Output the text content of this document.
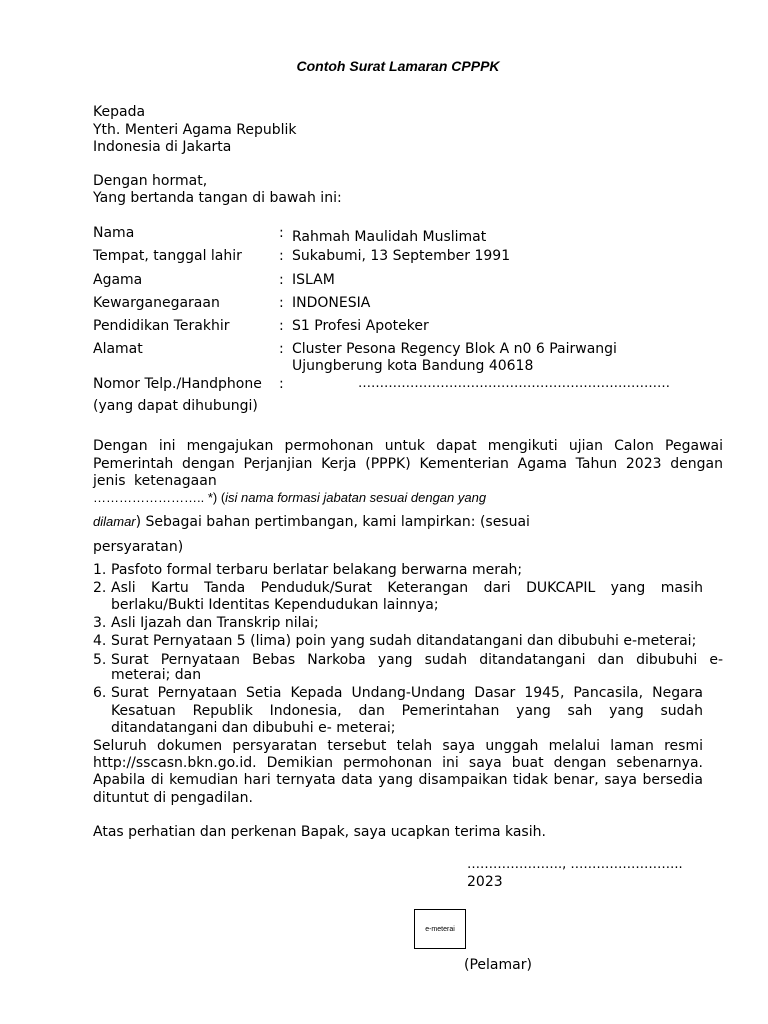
Contoh Surat Lamaran CPPPK
Kepada
Yth. Menteri Agama Republik
Indonesia di Jakarta
Dengan hormat,
Yang bertanda tangan di bawah ini:
Nama	: Rahmah Maulidah Muslimat
Tempat, tanggal lahir	: Sukabumi, 13 September 1991
Agama	: ISLAM
Kewarganegaraan	: INDONESIA
Pendidikan Terakhir	: S1 Profesi Apoteker
Alamat	: Cluster Pesona Regency Blok A n0 6 Pairwangi
Ujungberung kota Bandung 40618
Nomor Telp./Handphone :	………………………………………………………………
(yang dapat dihubungi)
Dengan ini mengajukan permohonan untuk dapat mengikuti ujian Calon Pegawai
Pemerintah dengan Perjanjian Kerja (PPPK) Kementerian Agama Tahun 2023 dengan
jenis ketenagaan
…………………….. *) (isi nama formasi jabatan sesuai dengan yang
dilamar) Sebagai bahan pertimbangan, kami lampirkan: (sesuai
persyaratan)
1. Pasfoto formal terbaru berlatar belakang berwarna merah;
2. Asli Kartu Tanda Penduduk/Surat Keterangan dari DUKCAPIL yang masih
berlaku/Bukti Identitas Kependudukan lainnya;
3. Asli Ijazah dan Transkrip nilai;
4. Surat Pernyataan 5 (lima) poin yang sudah ditandatangani dan dibubuhi e-meterai;
5. Surat Pernyataan Bebas Narkoba yang sudah ditandatangani dan dibubuhi e-
meterai; dan
6. Surat Pernyataan Setia Kepada Undang-Undang Dasar 1945, Pancasila, Negara
Kesatuan Republik Indonesia, dan Pemerintahan yang sah yang sudah
ditandatangani dan dibubuhi e- meterai;
Seluruh dokumen persyaratan tersebut telah saya unggah melalui laman resmi
http://sscasn.bkn.go.id. Demikian permohonan ini saya buat dengan sebenarnya.
Apabila di kemudian hari ternyata data yang disampaikan tidak benar, saya bersedia
dituntut di pengadilan.
Atas perhatian dan perkenan Bapak, saya ucapkan terima kasih.
…………………., ……………………..
2023
e-meterai
(Pelamar)
